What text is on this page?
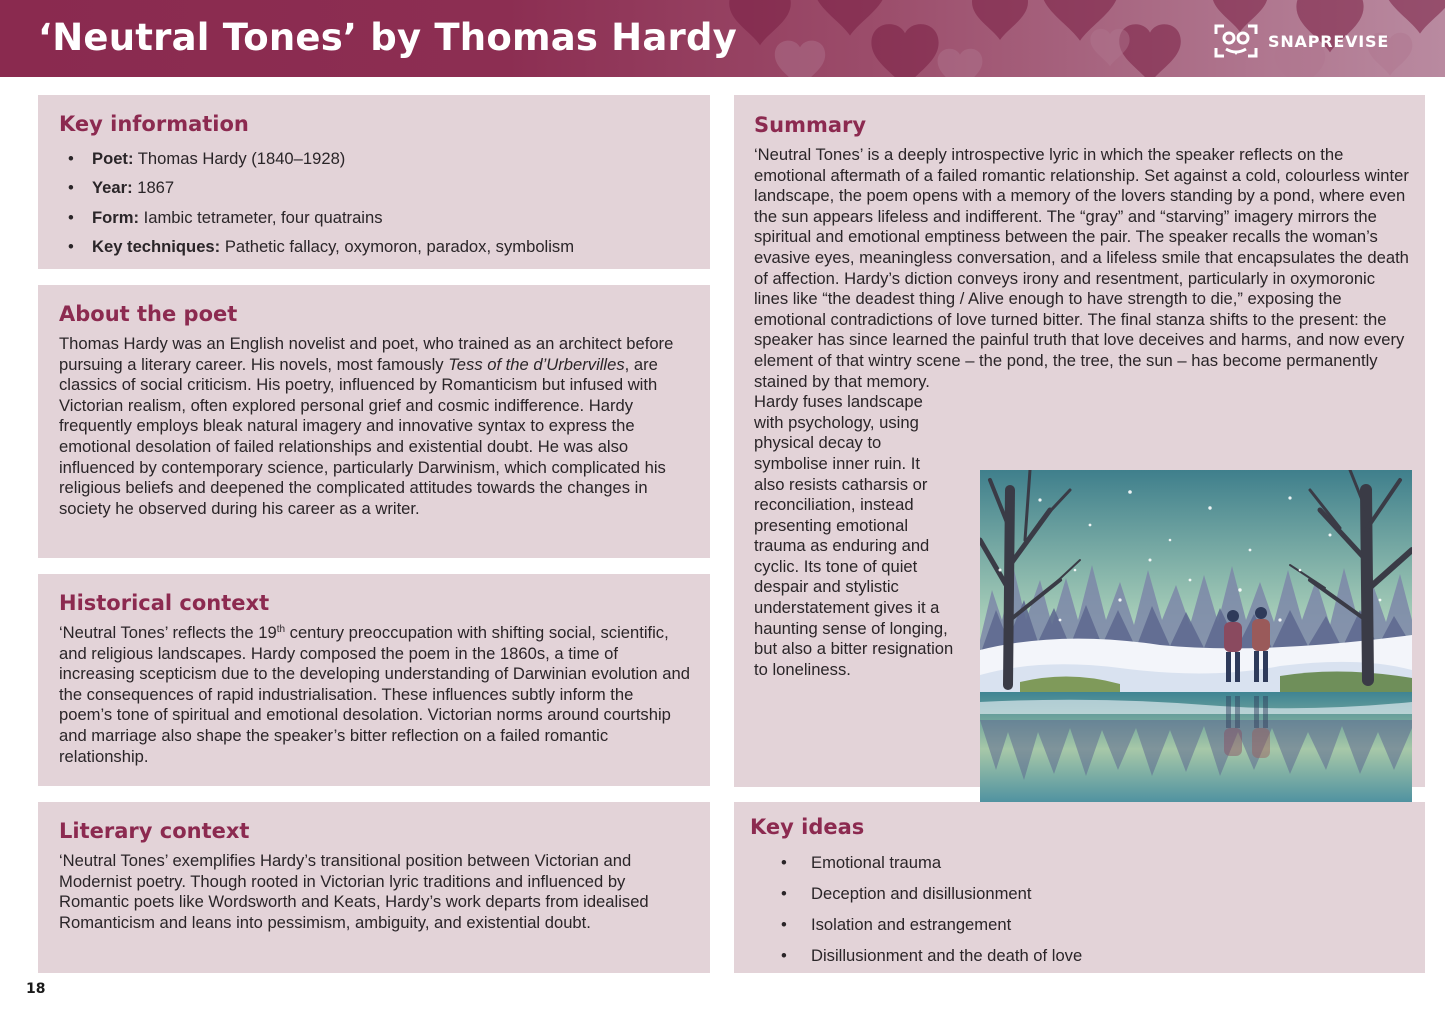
‘Neutral Tones’ by Thomas Hardy	SNAPREVISE
Key information
• Poet: Thomas Hardy (1840–1928)
• Year: 1867
• Form: Iambic tetrameter, four quatrains
• Key techniques: Pathetic fallacy, oxymoron, paradox, symbolism
About the poet

Thomas Hardy was an English novelist and poet, who trained as an architect before pursuing a literary career. His novels, most famously Tess of the d’Urbervilles, are classics of social criticism. His poetry, influenced by Romanticism but infused with Victorian realism, often explored personal grief and cosmic indifference. Hardy frequently employs bleak natural imagery and innovative syntax to express the emotional desolation of failed relationships and existential doubt. He was also influenced by contemporary science, particularly Darwinism, which complicated his religious beliefs and deepened the complicated attitudes towards the changes in society he observed during his career as a writer.

Historical context

‘Neutral Tones’ reflects the 19th century preoccupation with shifting social, scientific, and religious landscapes. Hardy composed the poem in the 1860s, a time of increasing scepticism due to the developing understanding of Darwinian evolution and the consequences of rapid industrialisation. These influences subtly inform the poem’s tone of spiritual and emotional desolation. Victorian norms around courtship and marriage also shape the speaker’s bitter reflection on a failed romantic relationship.

Literary context

‘Neutral Tones’ exemplifies Hardy’s transitional position between Victorian and Modernist poetry. Though rooted in Victorian lyric traditions and influenced by Romantic poets like Wordsworth and Keats, Hardy’s work departs from idealised Romanticism and leans into pessimism, ambiguity, and existential doubt.

Summary

‘Neutral Tones’ is a deeply introspective lyric in which the speaker reflects on the emotional aftermath of a failed romantic relationship. Set against a cold, colourless winter landscape, the poem opens with a memory of the lovers standing by a pond, where even the sun appears lifeless and indifferent. The “gray” and “starving” imagery mirrors the spiritual and emotional emptiness between the pair. The speaker recalls the woman’s evasive eyes, meaningless conversation, and a lifeless smile that encapsulates the death of affection. Hardy’s diction conveys irony and resentment, particularly in oxymoronic lines like “the deadest thing / Alive enough to have strength to die,” exposing the emotional contradictions of love turned bitter. The final stanza shifts to the present: the speaker has since learned the painful truth that love deceives and harms, and now every element of that wintry scene – the pond, the tree, the sun – has become permanently stained by that memory.

Hardy fuses landscape with psychology, using physical decay to symbolise inner ruin. It also resists catharsis or reconciliation, instead presenting emotional trauma as enduring and cyclic. Its tone of quiet despair and stylistic understatement gives it a haunting sense of longing, but also a bitter resignation to loneliness.

Key ideas
• Emotional trauma
• Deception and disillusionment
• Isolation and estrangement
• Disillusionment and the death of love
18
